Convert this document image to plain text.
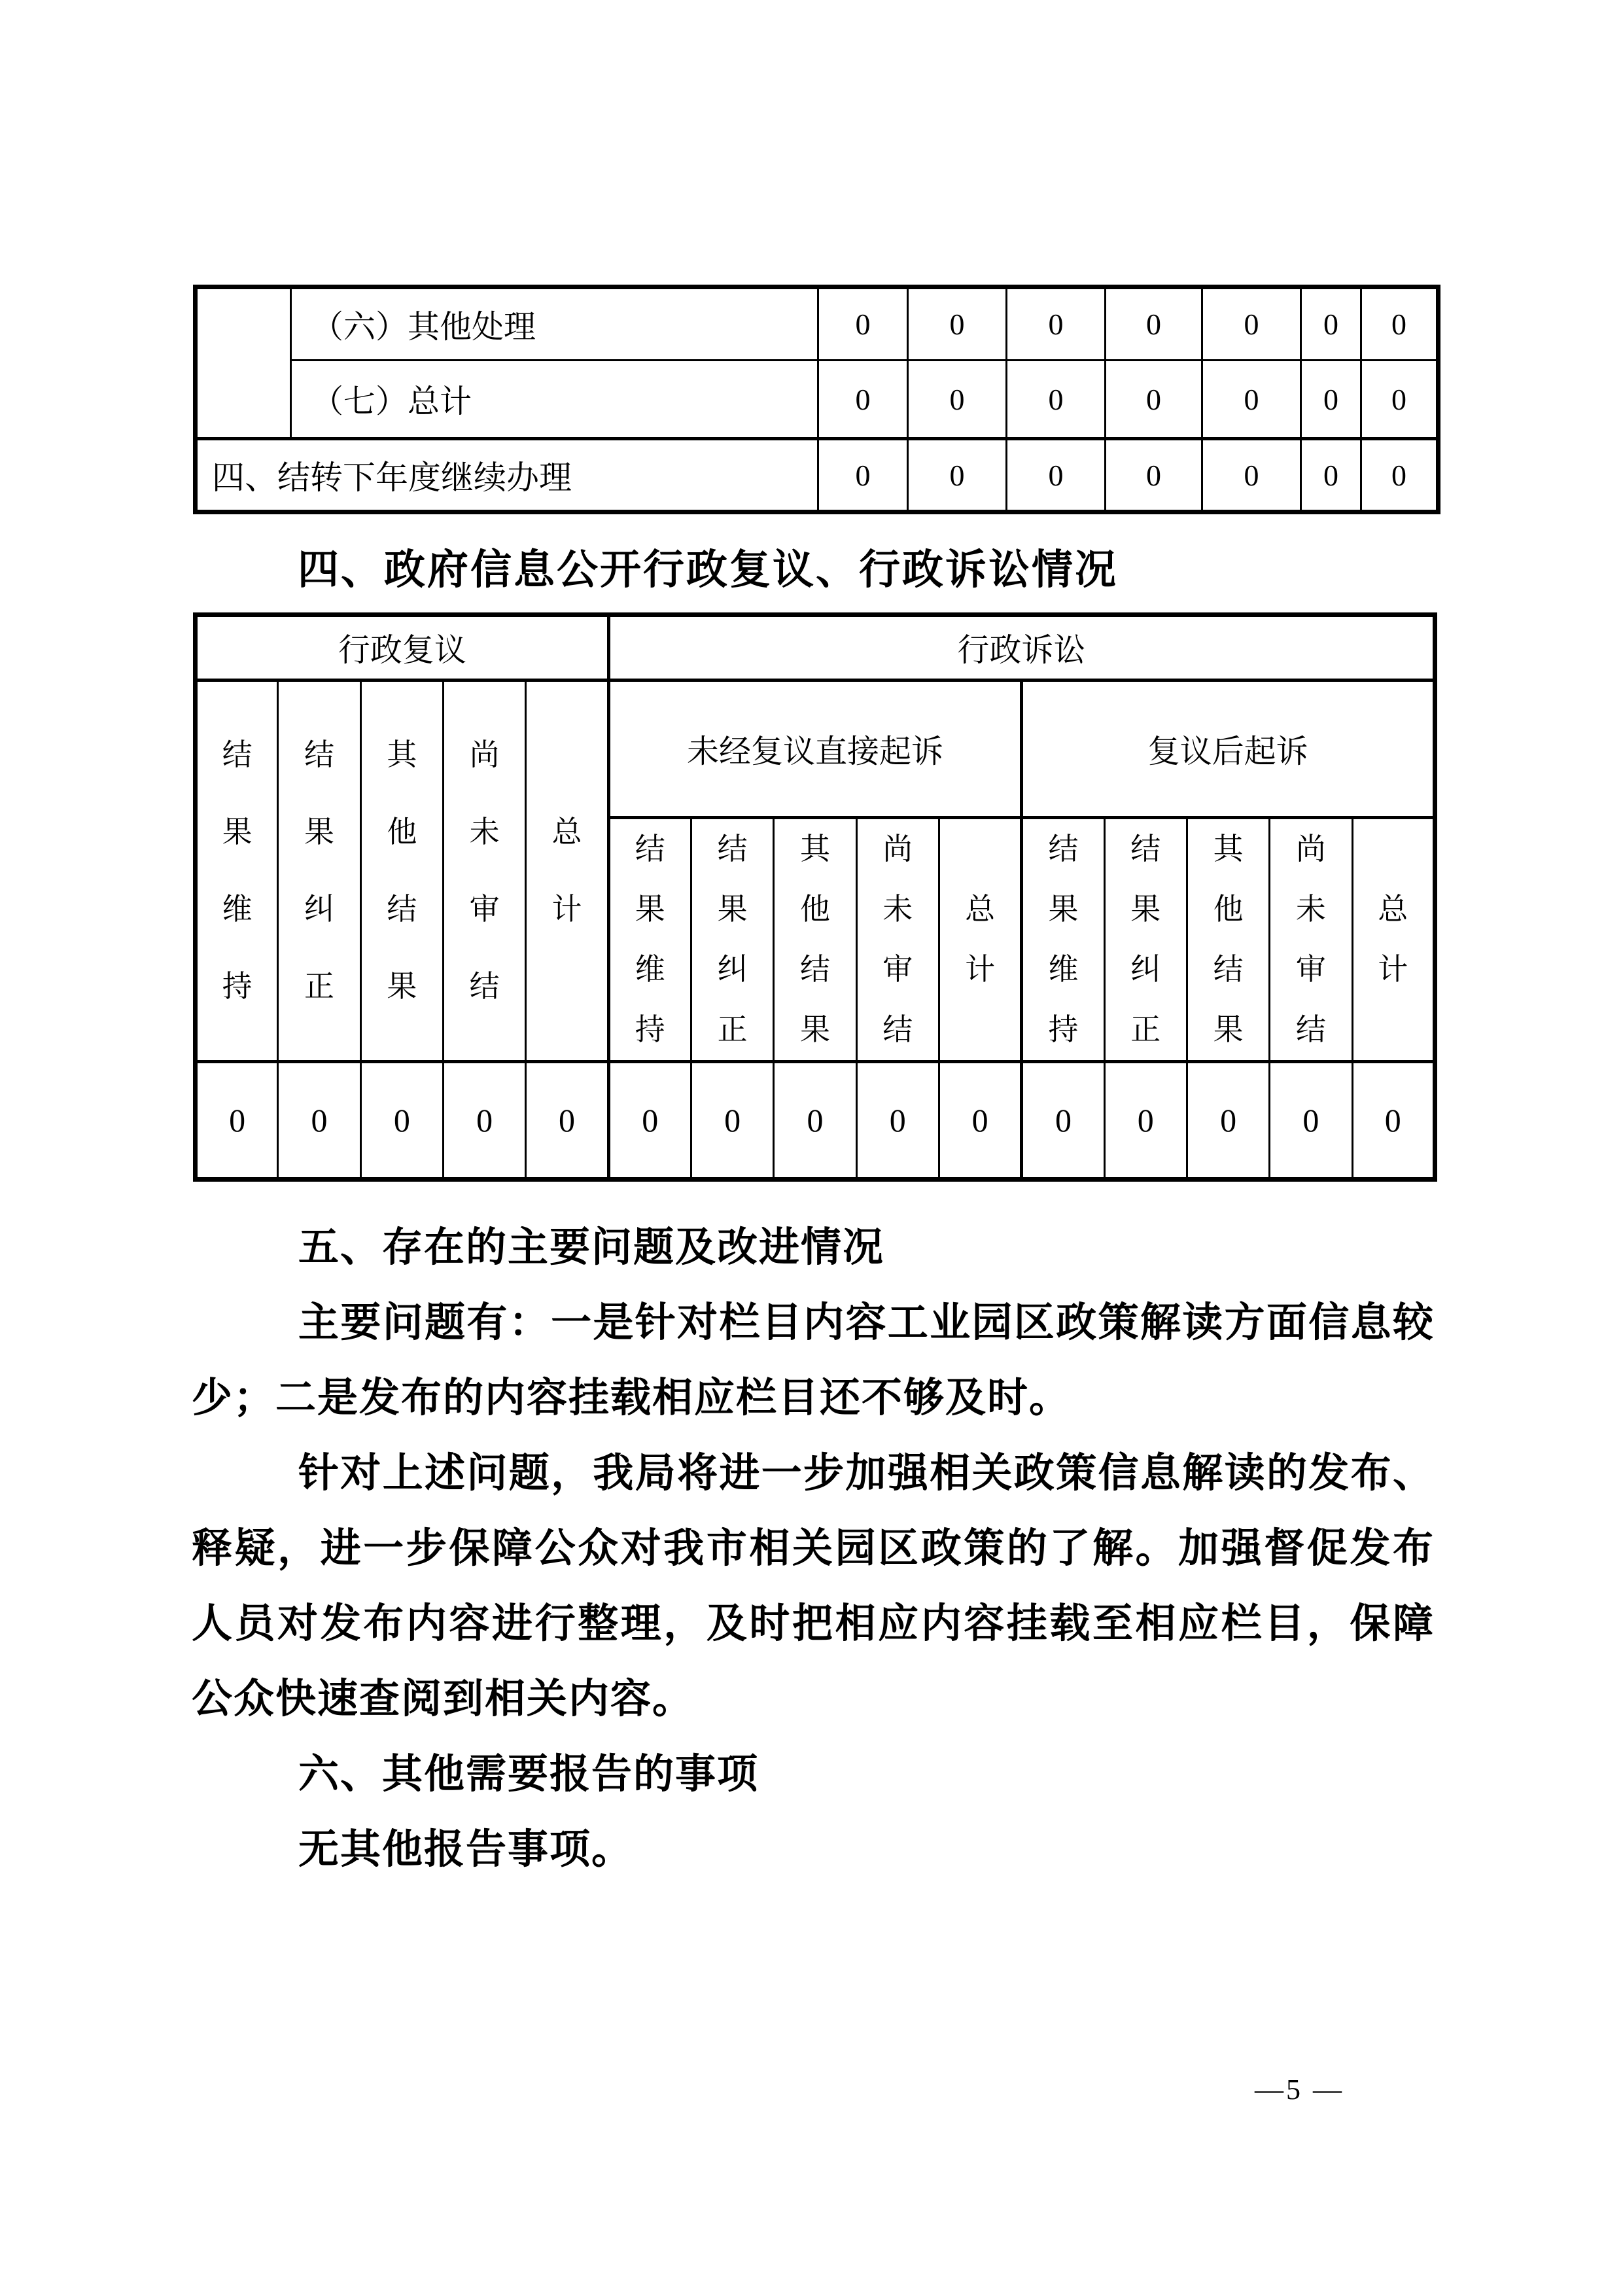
	（六）其他处理	0	0	0	0	0	0	0
	（七）总计	0	0	0	0	0	0	0
四、结转下年度继续办理		0	0	0	0	0	0	0
四、政府信息公开行政复议、行政诉讼情况
行政复议					行政诉讼									
结果维持	结果纠正	其他结果	尚未审结	总计	未经复议直接起诉					复议后起诉				
					结果维持	结果纠正	其他结果	尚未审结	总计	结果维持	结果纠正	其他结果	尚未审结	总计
0	0	0	0	0	0	0	0	0	0	0	0	0	0	0
五、存在的主要问题及改进情况

主要问题有：一是针对栏目内容工业园区政策解读方面信息较少；二是发布的内容挂载相应栏目还不够及时。

针对上述问题，我局将进一步加强相关政策信息解读的发布、释疑，进一步保障公众对我市相关园区政策的了解。加强督促发布人员对发布内容进行整理，及时把相应内容挂载至相应栏目，保障公众快速查阅到相关内容。

六、其他需要报告的事项

无其他报告事项。

—5 —
